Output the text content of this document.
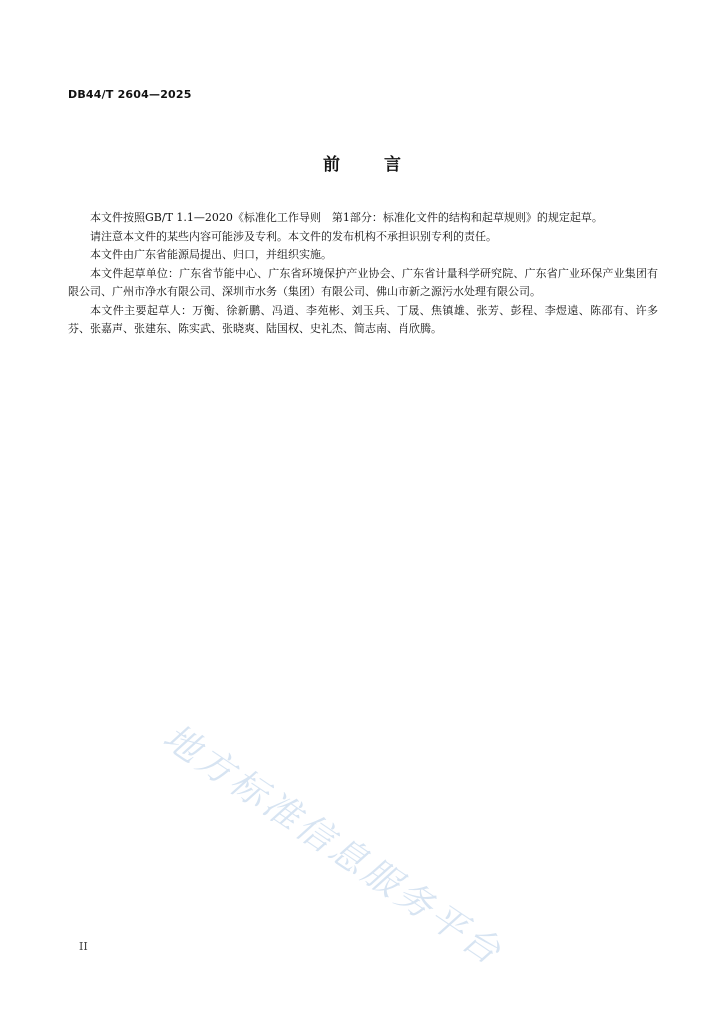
DB44/T 2604—2025
前言

本文件按照GB/T 1.1—2020《标准化工作导则　第1部分：标准化文件的结构和起草规则》的规定起草。

请注意本文件的某些内容可能涉及专利。本文件的发布机构不承担识别专利的责任。

本文件由广东省能源局提出、归口，并组织实施。

本文件起草单位：广东省节能中心、广东省环境保护产业协会、广东省计量科学研究院、广东省广业环保产业集团有限公司、广州市净水有限公司、深圳市水务（集团）有限公司、佛山市新之源污水处理有限公司。

本文件主要起草人：万衡、徐新鹏、冯逍、李苑彬、刘玉兵、丁晟、焦镇雄、张芳、彭程、李煜遠、陈邵有、许多芬、张嘉声、张建东、陈实武、张晓爽、陆国权、史礼杰、简志南、肖欣腾。

地方标准信息服务平台
II
